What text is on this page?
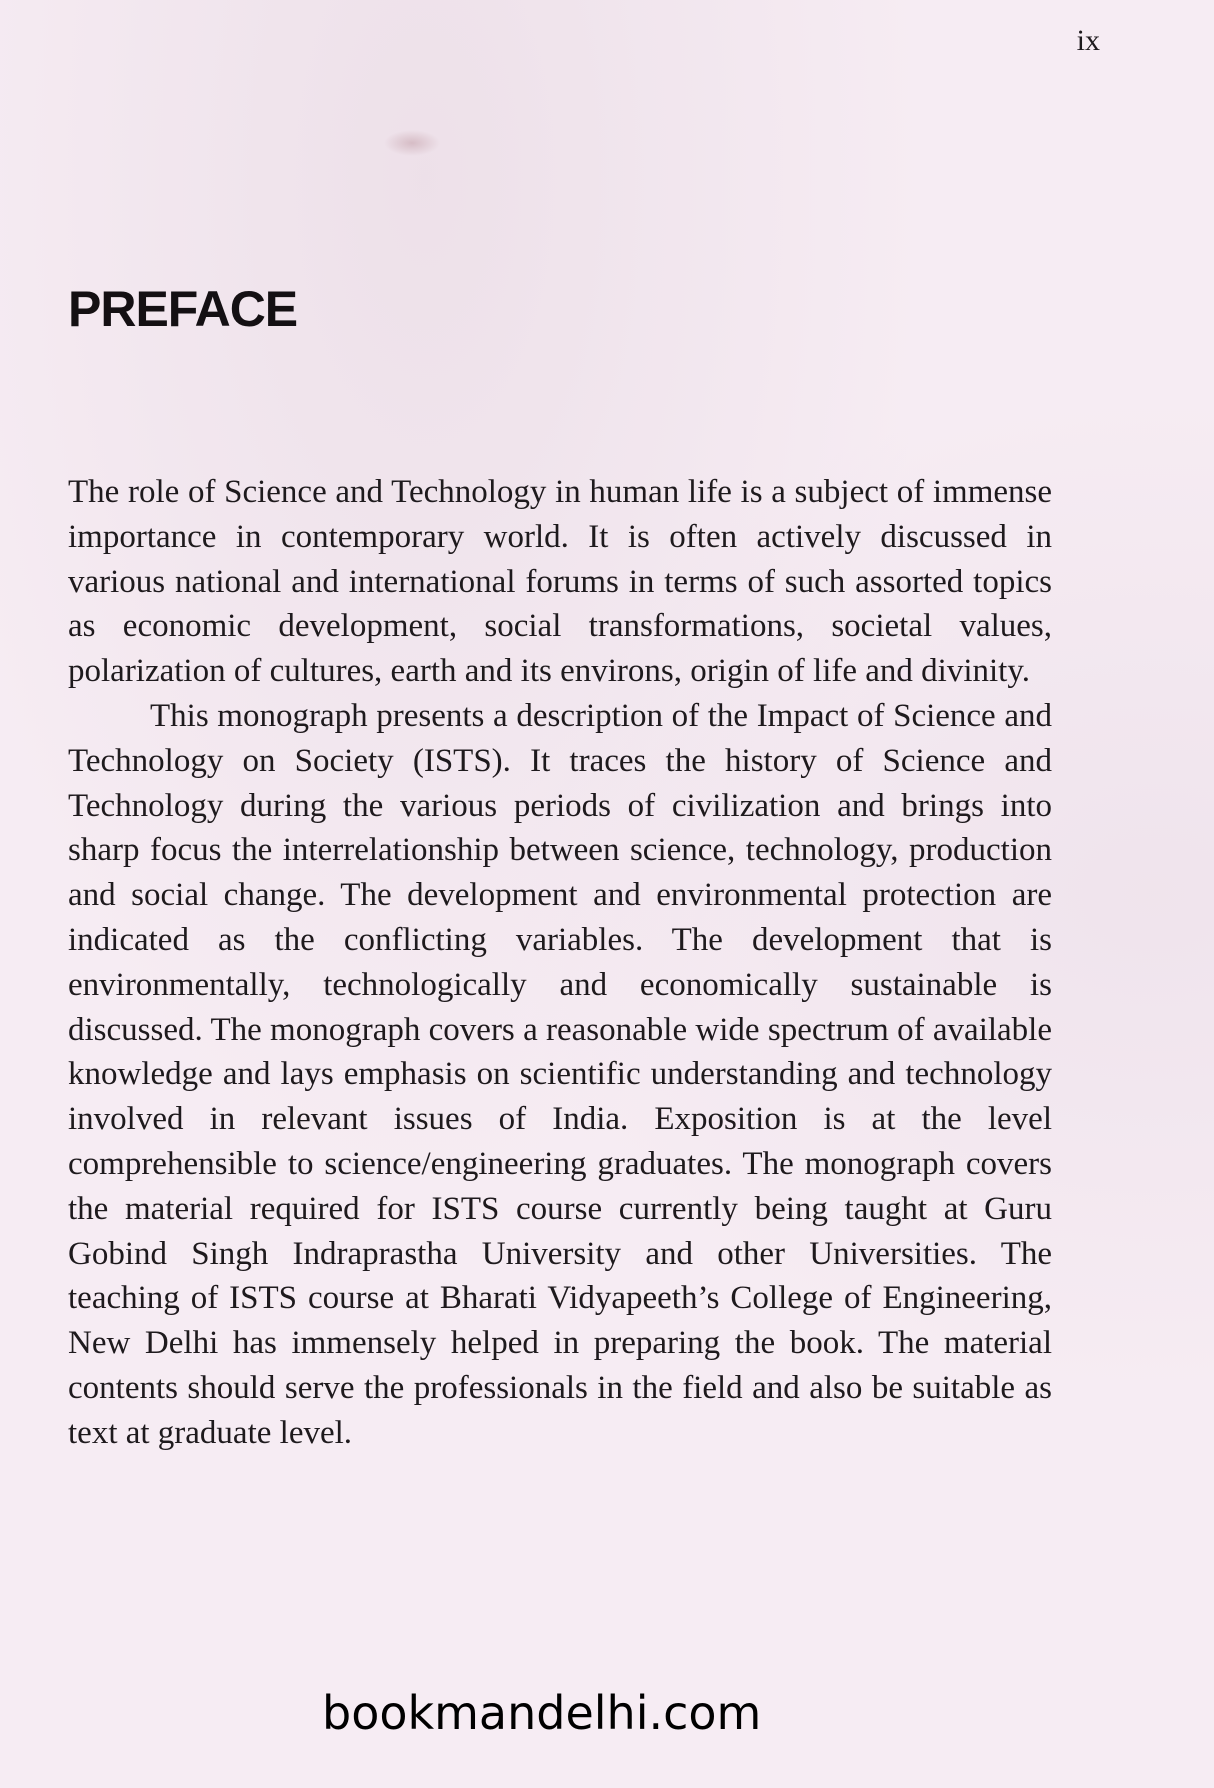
ix
PREFACE

The role of Science and Technology in human life is a subject of immense importance in contemporary world. It is often actively discussed in various national and international forums in terms of such assorted topics as economic development, social transformations, societal values, polarization of cultures, earth and its environs, origin of life and divinity.

This monograph presents a description of the Impact of Science and Technology on Society (ISTS). It traces the history of Science and Technology during the various periods of civilization and brings into sharp focus the interrelationship between science, technology, production and social change. The development and environmental protection are indicated as the conflicting variables. The development that is environmentally, technologically and economically sustainable is discussed. The monograph covers a reasonable wide spectrum of available knowledge and lays emphasis on scientific understanding and technology involved in relevant issues of India. Exposition is at the level comprehensible to science/engineering graduates. The monograph covers the material required for ISTS course currently being taught at Guru Gobind Singh Indraprastha University and other Universities. The teaching of ISTS course at Bharati Vidyapeeth’s College of Engineering, New Delhi has immensely helped in preparing the book. The material contents should serve the professionals in the field and also be suitable as text at graduate level.

bookmandelhi.com
